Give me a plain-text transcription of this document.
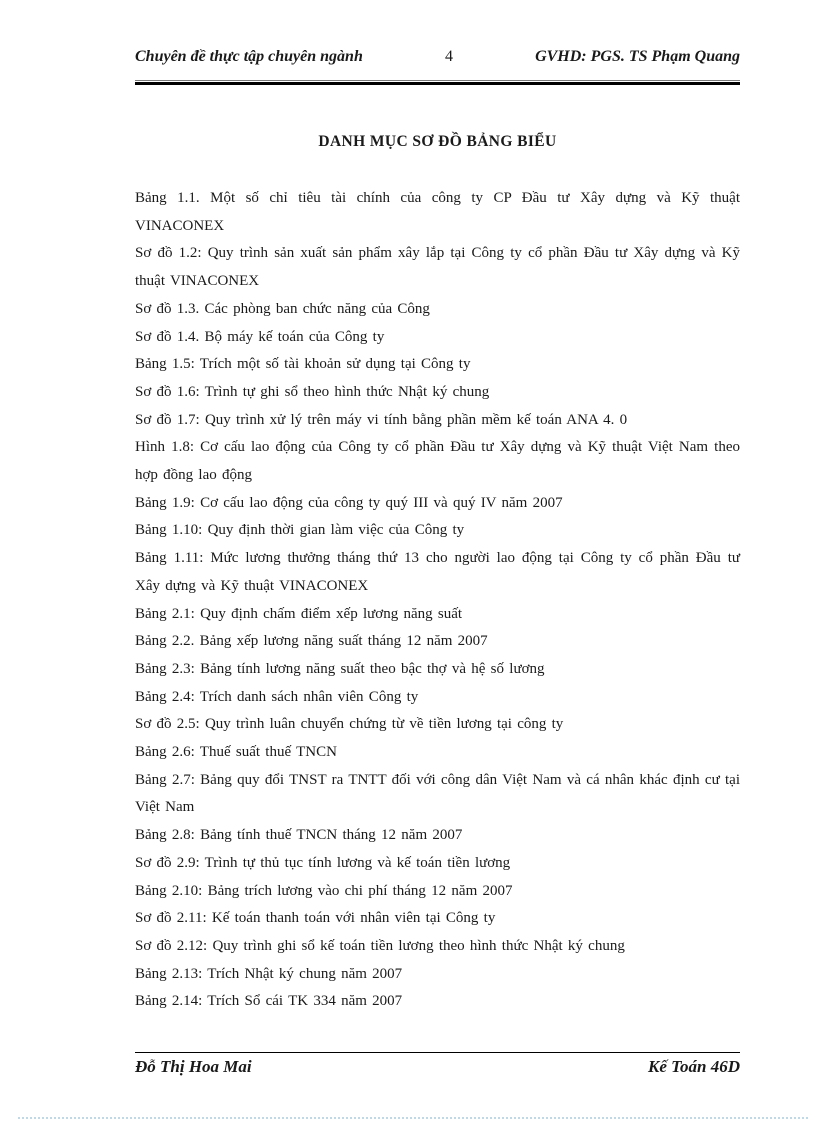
Chuyên đề thực tập chuyên ngành	4	GVHD: PGS. TS Phạm Quang
DANH MỤC SƠ ĐỒ BẢNG BIỂU

Bảng 1.1. Một số chỉ tiêu tài chính của công ty CP Đầu tư Xây dựng và Kỹ thuật VINACONEX

Sơ đồ 1.2: Quy trình sản xuất sản phẩm xây lắp tại Công ty cổ phần Đầu tư Xây dựng và Kỹ thuật VINACONEX

Sơ đồ 1.3. Các phòng ban chức năng của Công

Sơ đồ 1.4. Bộ máy kế toán của Công ty

Bảng 1.5: Trích một số tài khoản sử dụng tại Công ty

Sơ đồ 1.6: Trình tự ghi sổ theo hình thức Nhật ký chung

Sơ đồ 1.7: Quy trình xử lý trên máy vi tính bằng phần mềm kế toán ANA 4. 0

Hình 1.8: Cơ cấu lao động của Công ty cổ phần Đầu tư Xây dựng và Kỹ thuật Việt Nam theo hợp đồng lao động

Bảng 1.9: Cơ cấu lao động của công ty quý III và quý IV năm 2007

Bảng 1.10: Quy định thời gian làm việc của Công ty

Bảng 1.11: Mức lương thưởng tháng thứ 13 cho người lao động tại Công ty cổ phần Đầu tư Xây dựng và Kỹ thuật VINACONEX

Bảng 2.1: Quy định chấm điểm xếp lương năng suất

Bảng 2.2. Bảng xếp lương năng suất tháng 12 năm 2007

Bảng 2.3: Bảng tính lương năng suất theo bậc thợ và hệ số lương

Bảng 2.4: Trích danh sách nhân viên Công ty

Sơ đồ 2.5: Quy trình luân chuyển chứng từ về tiền lương tại công ty

Bảng 2.6: Thuế suất thuế TNCN

Bảng 2.7: Bảng quy đổi TNST ra TNTT đối với công dân Việt Nam và cá nhân khác định cư tại Việt Nam

Bảng 2.8: Bảng tính thuế TNCN tháng 12 năm 2007

Sơ đồ 2.9: Trình tự thủ tục tính lương và kế toán tiền lương

Bảng 2.10: Bảng trích lương vào chi phí tháng 12 năm 2007

Sơ đồ 2.11: Kế toán thanh toán với nhân viên tại Công ty

Sơ đồ 2.12: Quy trình ghi sổ kế toán tiền lương theo hình thức Nhật ký chung

Bảng 2.13: Trích Nhật ký chung năm 2007

Bảng 2.14: Trích Sổ cái TK 334 năm 2007

Đỗ Thị Hoa Mai	Kế Toán 46D
